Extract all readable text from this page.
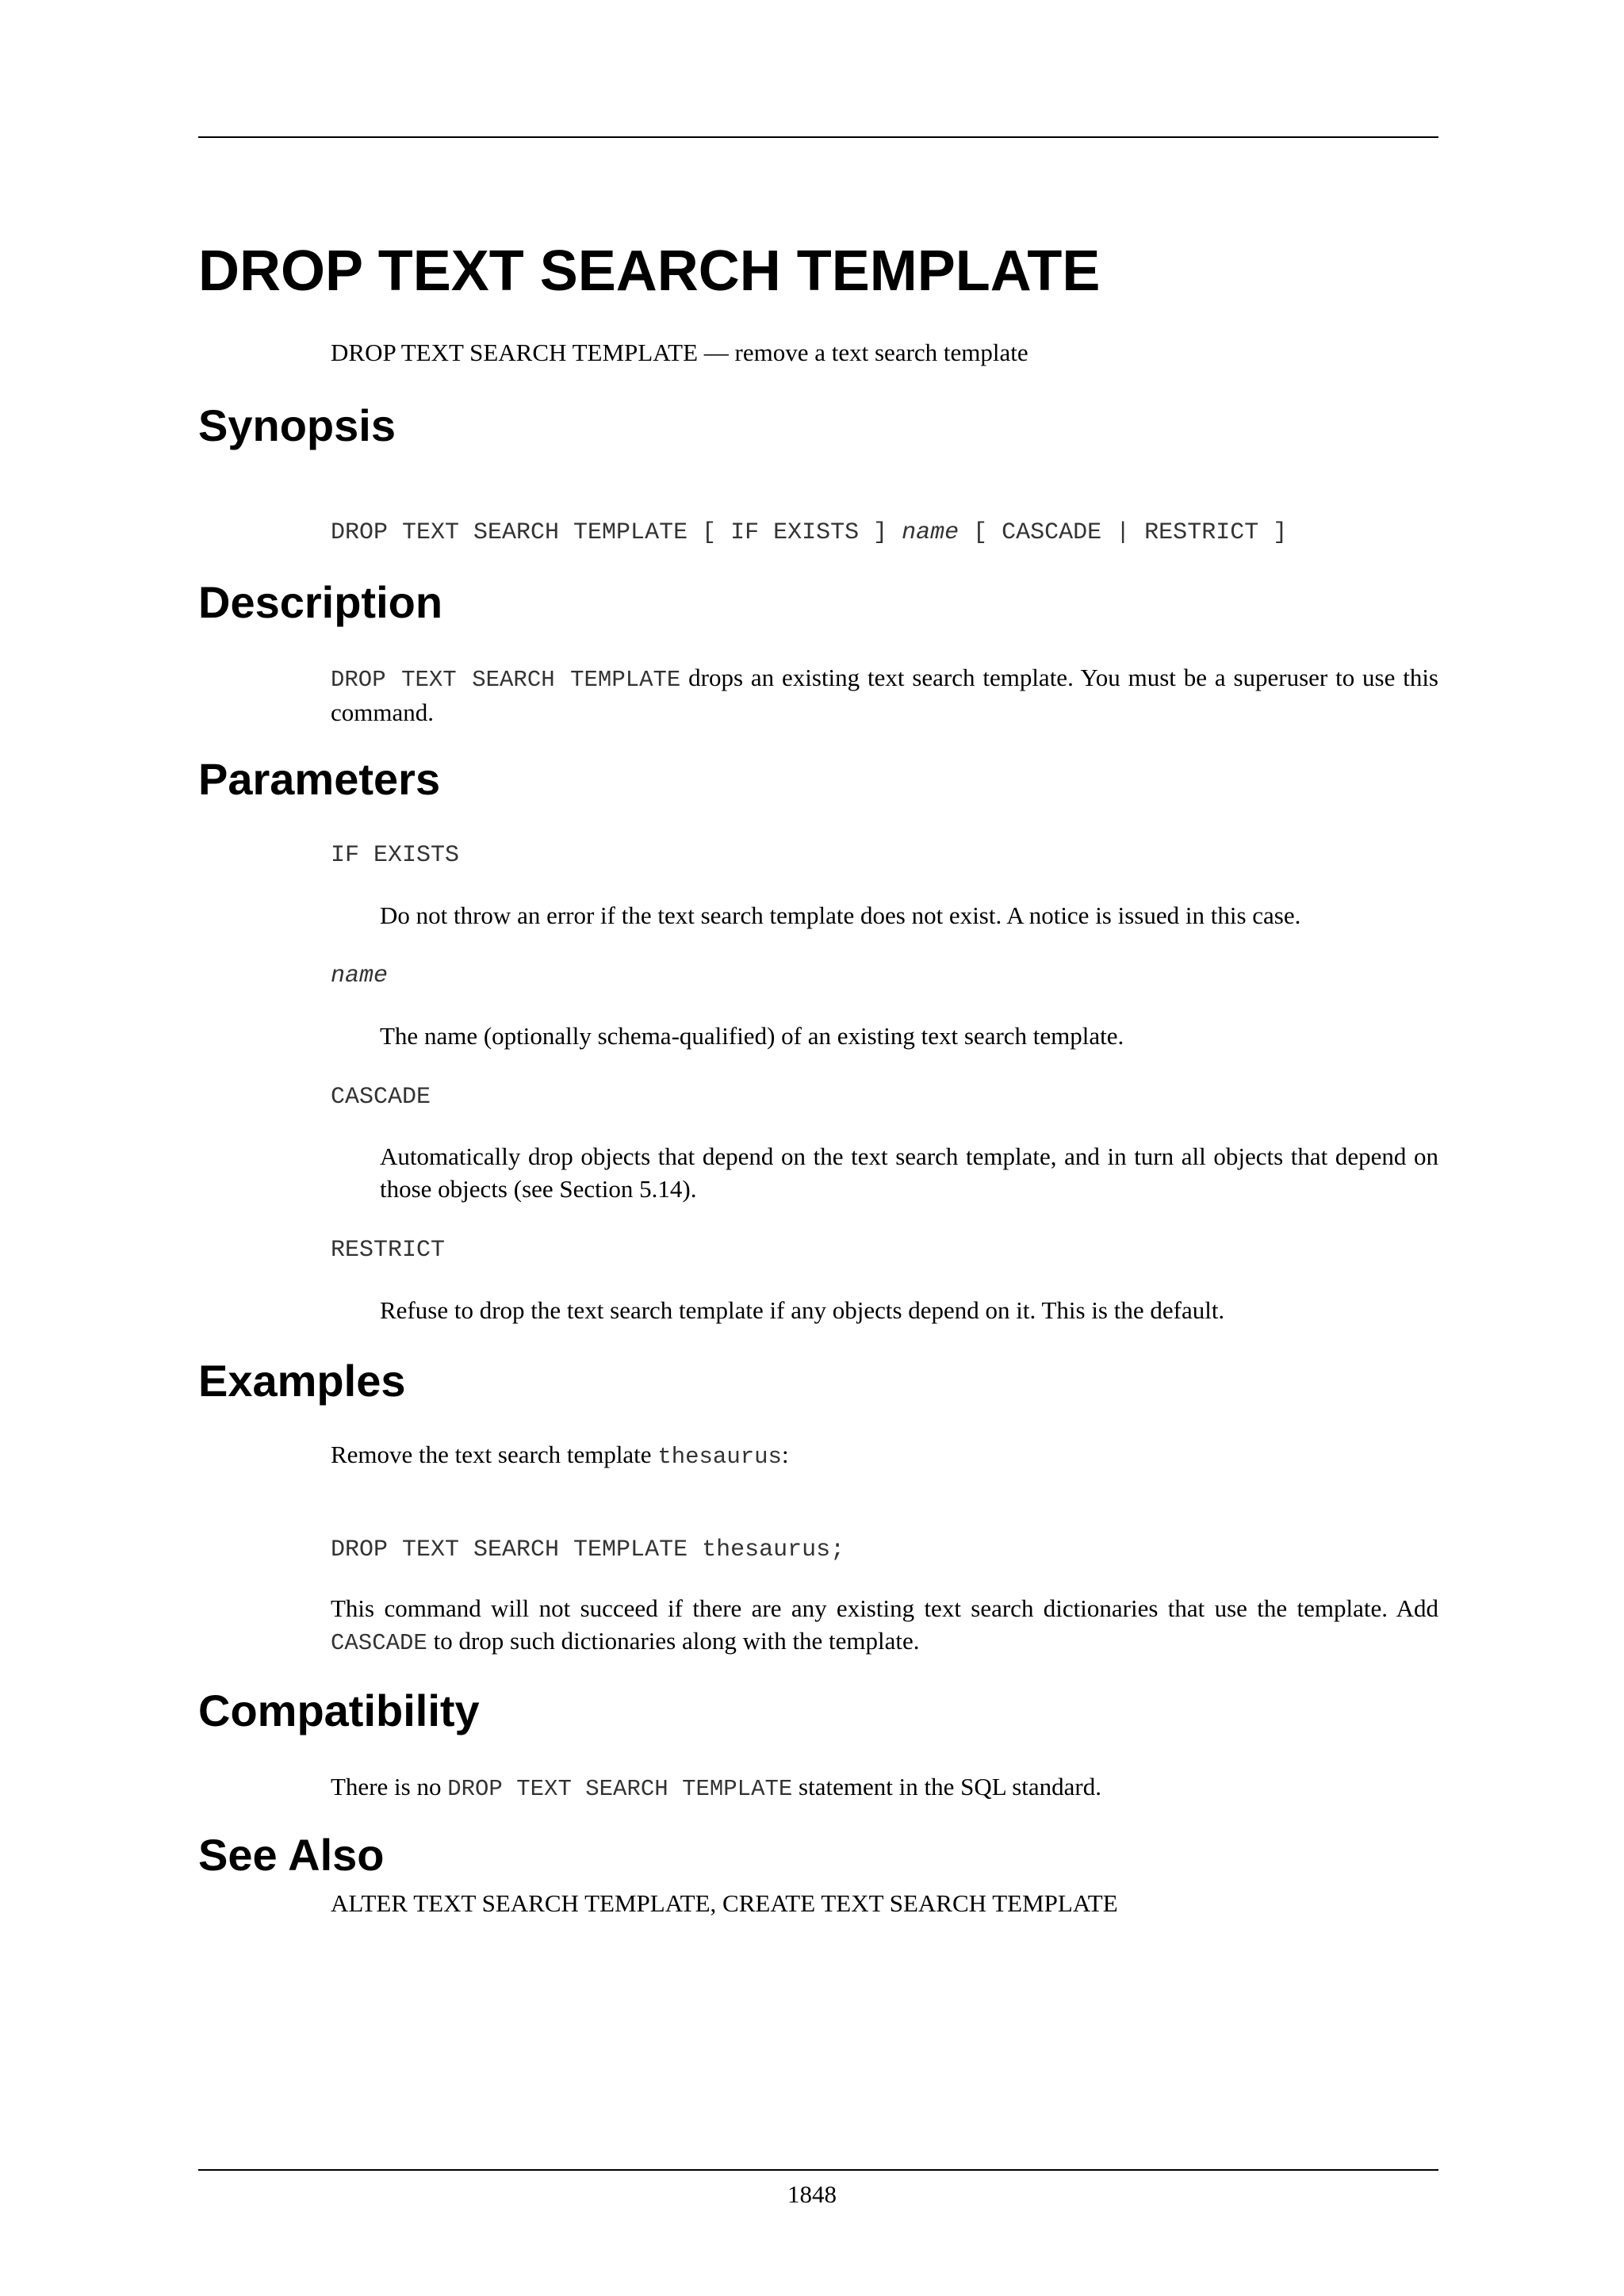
DROP TEXT SEARCH TEMPLATE

DROP TEXT SEARCH TEMPLATE — remove a text search template

Synopsis
DROP TEXT SEARCH TEMPLATE [ IF EXISTS ] name [ CASCADE | RESTRICT ]
Description

DROP TEXT SEARCH TEMPLATE drops an existing text search template. You must be a superuser to use this command.

Parameters
IF EXISTS

Do not throw an error if the text search template does not exist. A notice is issued in this case.

name

The name (optionally schema-qualified) of an existing text search template.

CASCADE

Automatically drop objects that depend on the text search template, and in turn all objects that depend on those objects (see Section 5.14).

RESTRICT

Refuse to drop the text search template if any objects depend on it. This is the default.

Examples

Remove the text search template thesaurus:

DROP TEXT SEARCH TEMPLATE thesaurus;

This command will not succeed if there are any existing text search dictionaries that use the template. Add CASCADE to drop such dictionaries along with the template.

Compatibility

There is no DROP TEXT SEARCH TEMPLATE statement in the SQL standard.

See Also

ALTER TEXT SEARCH TEMPLATE, CREATE TEXT SEARCH TEMPLATE

1848
